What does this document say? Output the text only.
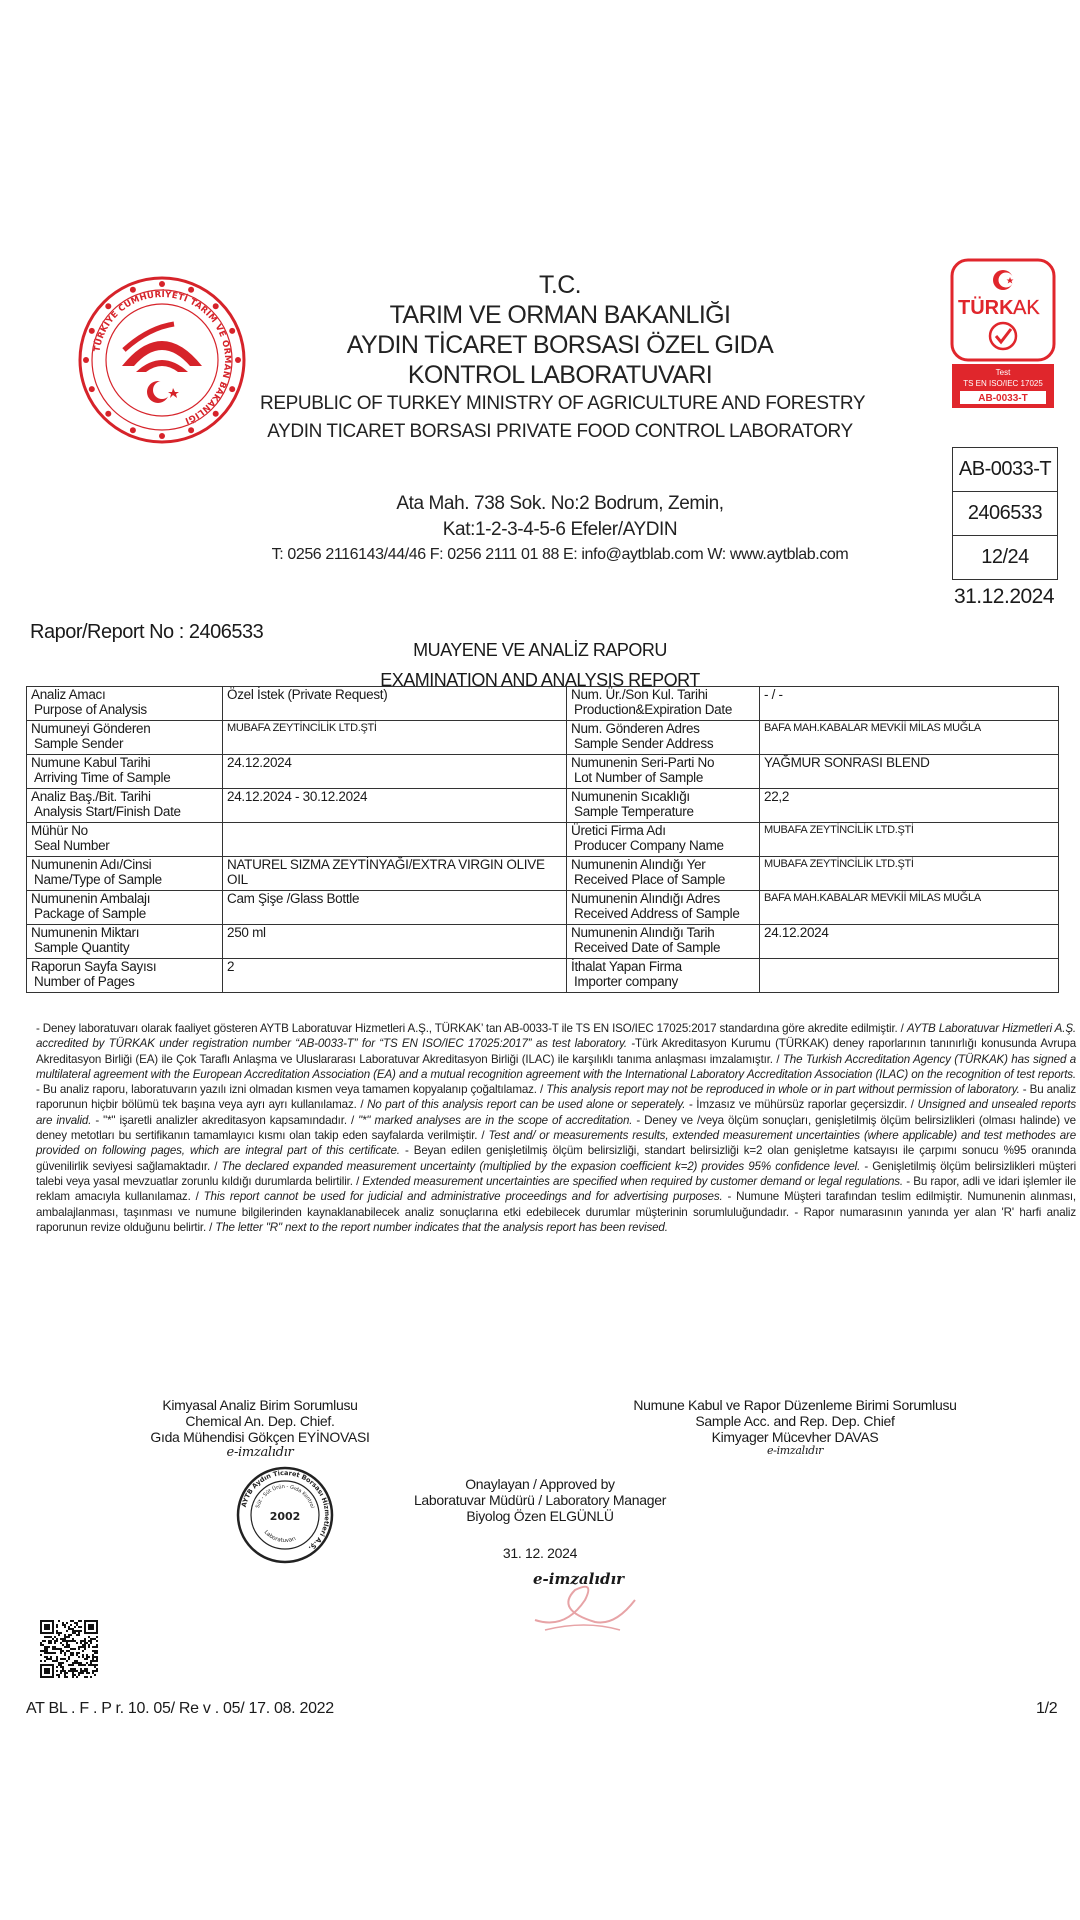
TÜRKİYE CUMHURİYETİ TARIM VE ORMAN BAKANLIĞI
T.C.
TARIM VE ORMAN BAKANLIĞI
AYDIN TİCARET BORSASI ÖZEL GIDA
KONTROL LABORATUVARI
REPUBLIC OF TURKEY MINISTRY OF AGRICULTURE AND FORESTRY
AYDIN TICARET BORSASI PRIVATE FOOD CONTROL LABORATORY
Ata Mah. 738 Sok. No:2 Bodrum, Zemin,
Kat:1-2-3-4-5-6 Efeler/AYDIN
T: 0256 2116143/44/46 F: 0256 2111 01 88 E: info@aytblab.com W: www.aytblab.com
TÜRK AK
Test
TS EN ISO/IEC 17025
AB-0033-T
AB-0033-T
2406533
12/24
31.12.2024
Rapor/Report No : 2406533
MUAYENE VE ANALİZ RAPORU
EXAMINATION AND ANALYSIS REPORT
Analiz Amacı
Purpose of Analysis	Özel İstek (Private Request)	Num. Ür./Son Kul. Tarihi
Production&Expiration Date	- / -

Numuneyi Gönderen
Sample Sender	MUBAFA ZEYTİNCİLİK LTD.ŞTİ	Num. Gönderen Adres
Sample Sender Address	BAFA MAH.KABALAR MEVKİİ MİLAS MUĞLA

Numune Kabul Tarihi
Arriving Time of Sample	24.12.2024	Numunenin Seri-Parti No
Lot Number of Sample	YAĞMUR SONRASI BLEND

Analiz Baş./Bit. Tarihi
Analysis Start/Finish Date	24.12.2024 - 30.12.2024	Numunenin Sıcaklığı
Sample Temperature	22,2

Mühür No
Seal Number		Üretici Firma Adı
Producer Company Name	MUBAFA ZEYTİNCİLİK LTD.ŞTİ

Numunenin Adı/Cinsi
Name/Type of Sample	NATUREL SIZMA ZEYTİNYAĞI/EXTRA VIRGIN OLIVE OIL	Numunenin Alındığı Yer
Received Place of Sample	MUBAFA ZEYTİNCİLİK LTD.ŞTİ

Numunenin Ambalajı
Package of Sample	Cam Şişe /Glass Bottle	Numunenin Alındığı Adres
Received Address of Sample	BAFA MAH.KABALAR MEVKİİ MİLAS MUĞLA

Numunenin Miktarı
Sample Quantity	250 ml	Numunenin Alındığı Tarih
Received Date of Sample	24.12.2024

Raporun Sayfa Sayısı
Number of Pages	2	İthalat Yapan Firma
Importer company	

- Deney laboratuvarı olarak faaliyet gösteren AYTB Laboratuvar Hizmetleri A.Ş., TÜRKAK’ tan AB-0033-T ile TS EN ISO/IEC 17025:2017 standardına göre akredite edilmiştir. / AYTB Laboratuvar Hizmetleri A.Ş. accredited by TÜRKAK under registration number “AB-0033-T” for “TS EN ISO/IEC 17025:2017” as test laboratory. -Türk Akreditasyon Kurumu (TÜRKAK) deney raporlarının tanınırlığı konusunda Avrupa Akreditasyon Birliği (EA) ile Çok Taraflı Anlaşma ve Uluslararası Laboratuvar Akreditasyon Birliği (ILAC) ile karşılıklı tanıma anlaşması imzalamıştır. / The Turkish Accreditation Agency (TÜRKAK) has signed a multilateral agreement with the European Accreditation Association (EA) and a mutual recognition agreement with the International Laboratory Accreditation Association (ILAC) on the recognition of test reports. - Bu analiz raporu, laboratuvarın yazılı izni olmadan kısmen veya tamamen kopyalanıp çoğaltılamaz. / This analysis report may not be reproduced in whole or in part without permission of laboratory. - Bu analiz raporunun hiçbir bölümü tek başına veya ayrı ayrı kullanılamaz. / No part of this analysis report can be used alone or seperately. - İmzasız ve mühürsüz raporlar geçersizdir. / Unsigned and unsealed reports are invalid. - "*" işaretli analizler akreditasyon kapsamındadır. / "*" marked analyses are in the scope of accreditation. - Deney ve /veya ölçüm sonuçları, genişletilmiş ölçüm belirsizlikleri (olması halinde) ve deney metotları bu sertifikanın tamamlayıcı kısmı olan takip eden sayfalarda verilmiştir. / Test and/ or measurements results, extended measurement uncertainties (where applicable) and test methodes are provided on following pages, which are integral part of this certificate. - Beyan edilen genişletilmiş ölçüm belirsizliği, standart belirsizliği k=2 olan genişletme katsayısı ile çarpımı sonucu %95 oranında güvenilirlik seviyesi sağlamaktadır. / The declared expanded measurement uncertainty (multiplied by the expasion coefficient k=2) provides 95% confidence level. - Genişletilmiş ölçüm belirsizlikleri müşteri talebi veya yasal mevzuatlar zorunlu kıldığı durumlarda belirtilir. / Extended measurement uncertainties are specified when required by customer demand or legal regulations. - Bu rapor, adli ve idari işlemler ile reklam amacıyla kullanılamaz. / This report cannot be used for judicial and administrative proceedings and for advertising purposes. - Numune Müşteri tarafından teslim edilmiştir. Numunenin alınması, ambalajlanması, taşınması ve numune bilgilerinden kaynaklanabilecek analiz sonuçlarına etki edebilecek durumlar müşterinin sorumluluğundadır. - Rapor numarasının yanında yer alan 'R' harfi analiz raporunun revize olduğunu belirtir. / The letter "R" next to the report number indicates that the analysis report has been revised.
Kimyasal Analiz Birim Sorumlusu
Chemical An. Dep. Chief.
Gıda Mühendisi Gökçen EYİNOVASI
e-imzalıdır
Numune Kabul ve Rapor Düzenleme Birimi Sorumlusu
Sample Acc. and Rep. Dep. Chief
Kimyager Mücevher DAVAS
e-imzalıdır
AYTB Aydın Ticaret Borsası Hizmetleri A.Ş.
Süt - Süt Ürün - Gıda Kontrol
Laboratuvarı
2002
Onaylayan / Approved by
Laboratuvar Müdürü / Laboratory Manager
Biyolog Özen ELGÜNLÜ
31. 12. 2024
e-imzalıdır
AT BL . F . P r. 10. 05/ Re v . 05/ 17. 08. 2022	1/2
